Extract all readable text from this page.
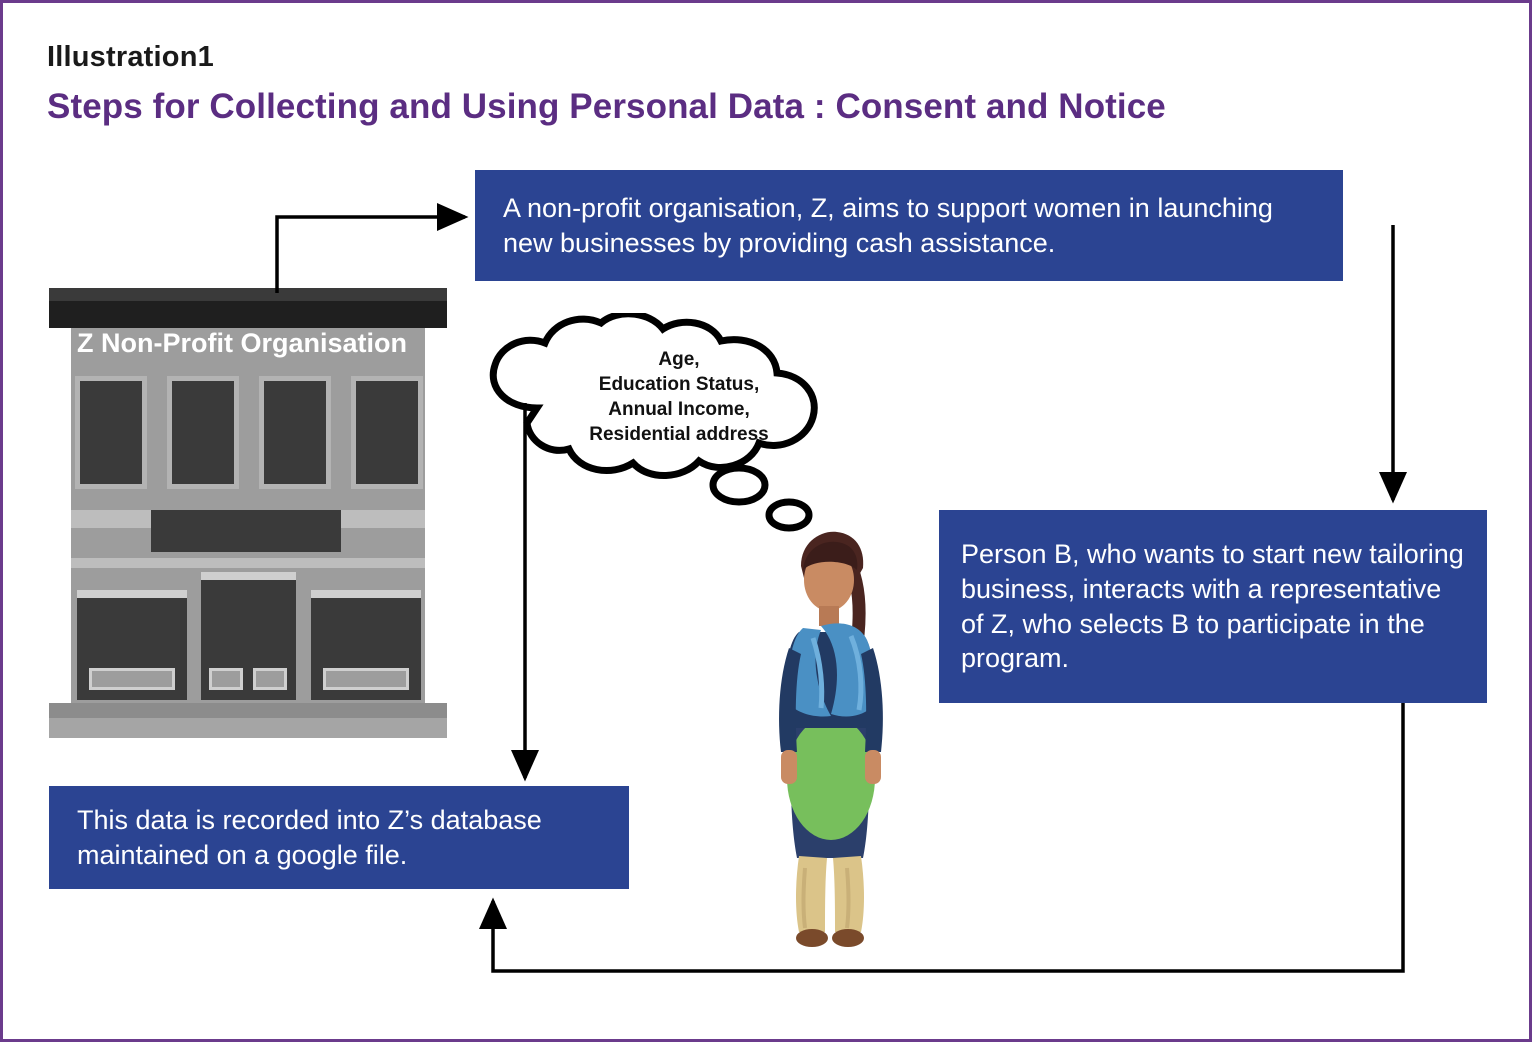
Illustration1
Steps for Collecting and Using Personal Data : Consent and Notice
Z Non-Profit Organisation
Age,
Education Status,
Annual Income,
Residential address
A non-profit organisation, Z, aims to support women in launching new businesses by providing cash assistance.
Person B, who wants to start new tailoring business, interacts with a representative of Z, who selects B to participate in the program.
This data is recorded into Z’s database maintained on a google file.
